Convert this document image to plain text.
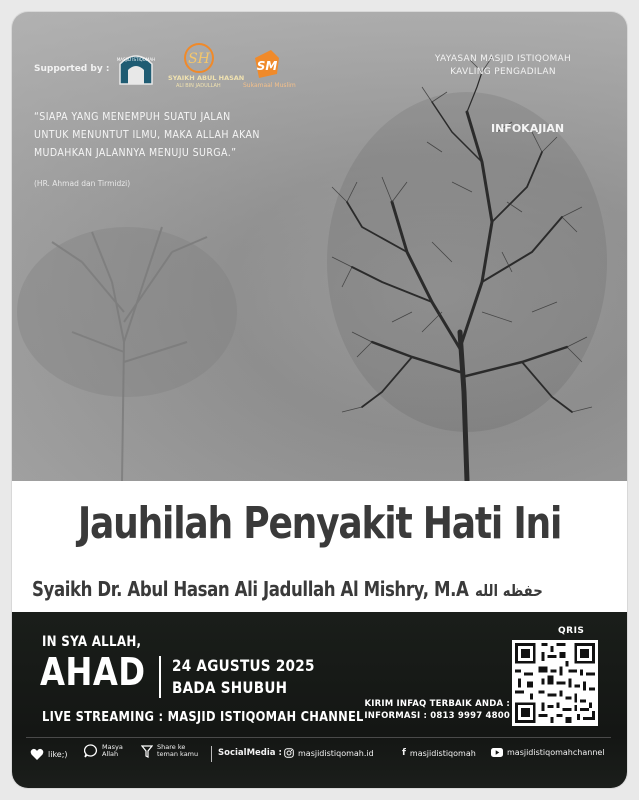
Supported by :
MASJID ISTIQOMAH SH
SYAIKH ABUL HASAN
ALI BIN JADULLAH
SM
Sukamaal Muslim
YAYASAN MASJID ISTIQOMAH
KAVLING PENGADILAN
INFOKAJIAN
“SIAPA YANG MENEMPUH SUATU JALAN
UNTUK MENUNTUT ILMU, MAKA ALLAH AKAN
MUDAHKAN JALANNYA MENUJU SURGA.”
(HR. Ahmad dan Tirmidzi)
Jauhilah Penyakit Hati Ini
Syaikh Dr. Abul Hasan Ali Jadullah Al Mishry, M.A حفظه الله
IN SYA ALLAH,
AHAD 24 AGUSTUS 2025
BADA SHUBUH
LIVE STREAMING : MASJID ISTIQOMAH CHANNEL
QRIS
KIRIM INFAQ TERBAIK ANDA :
INFORMASI : 0813 9997 4800
like;)
Masya
Allah
Share ke
teman kamu SocialMedia : masjidistiqomah.id	f masjidistiqomah	masjidistiqomahchannel
